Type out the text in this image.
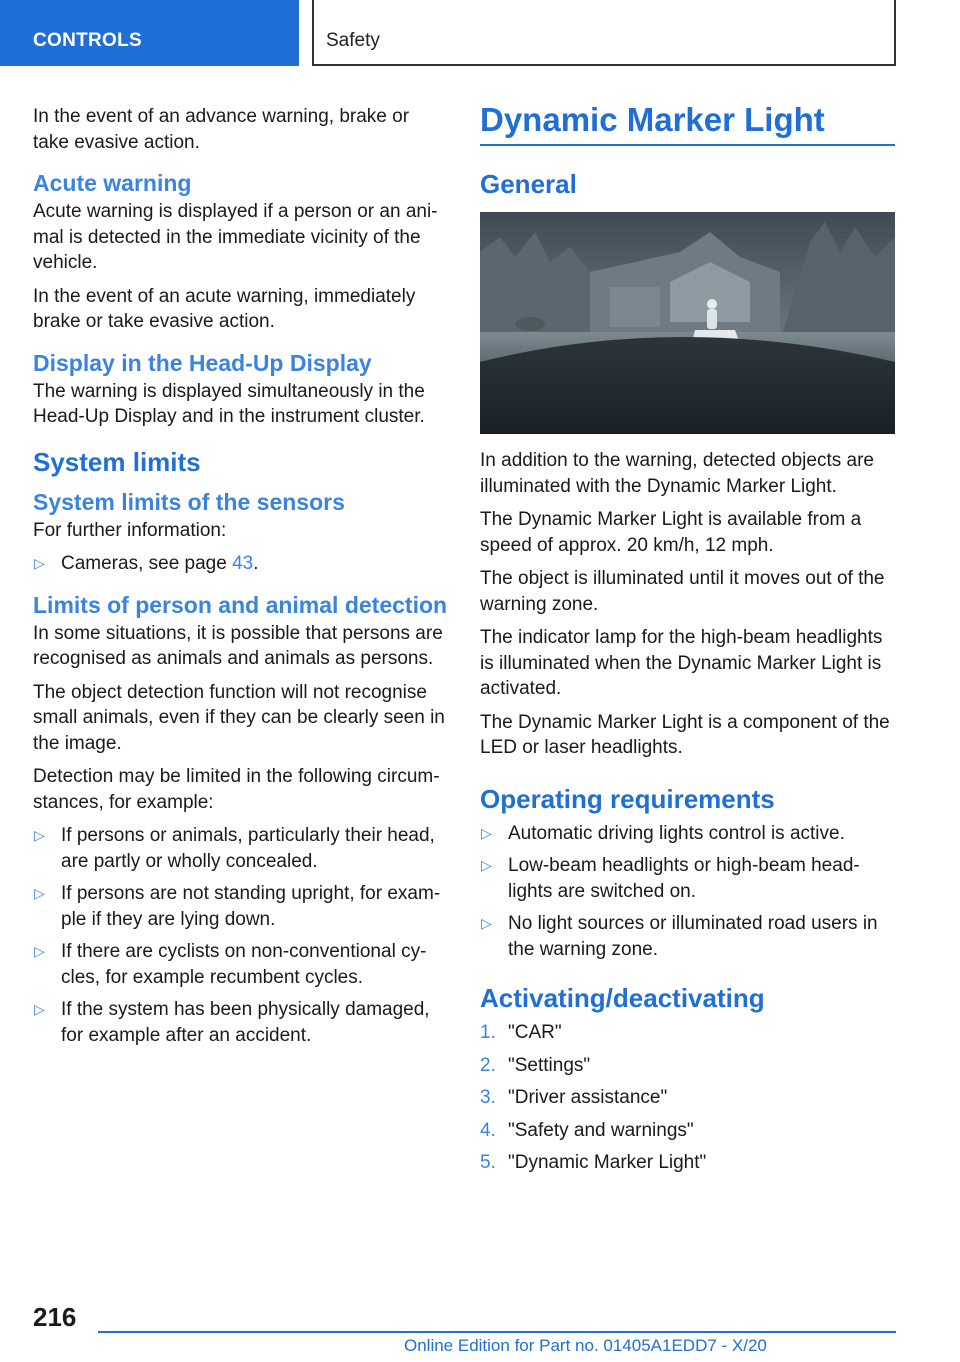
CONTROLS	Safety

In the event of an advance warning, brake or take evasive action.

Acute warning

Acute warning is displayed if a person or an ani-mal is detected in the immediate vicinity of the vehicle.

In the event of an acute warning, immediately brake or take evasive action.

Display in the Head-Up Display

The warning is displayed simultaneously in the Head-Up Display and in the instrument cluster.

System limits
System limits of the sensors

For further information:

▷ Cameras, see page 43.
Limits of person and animal detection

In some situations, it is possible that persons are recognised as animals and animals as persons.

The object detection function will not recognise small animals, even if they can be clearly seen in the image.

Detection may be limited in the following circum-stances, for example:

▷ If persons or animals, particularly their head, are partly or wholly concealed.
▷ If persons are not standing upright, for exam-ple if they are lying down.
▷ If there are cyclists on non-conventional cy-cles, for example recumbent cycles.
▷ If the system has been physically damaged, for example after an accident.
Dynamic Marker Light
General

In addition to the warning, detected objects are illuminated with the Dynamic Marker Light.

The Dynamic Marker Light is available from a speed of approx. 20 km/h, 12 mph.

The object is illuminated until it moves out of the warning zone.

The indicator lamp for the high-beam headlights is illuminated when the Dynamic Marker Light is activated.

The Dynamic Marker Light is a component of the LED or laser headlights.

Operating requirements
▷ Automatic driving lights control is active.
▷ Low-beam headlights or high-beam head-lights are switched on.
▷ No light sources or illuminated road users in the warning zone.
Activating/deactivating
1. "CAR"
2. "Settings"
3. "Driver assistance"
4. "Safety and warnings"
5. "Dynamic Marker Light"
216
Online Edition for Part no. 01405A1EDD7 - X/20
